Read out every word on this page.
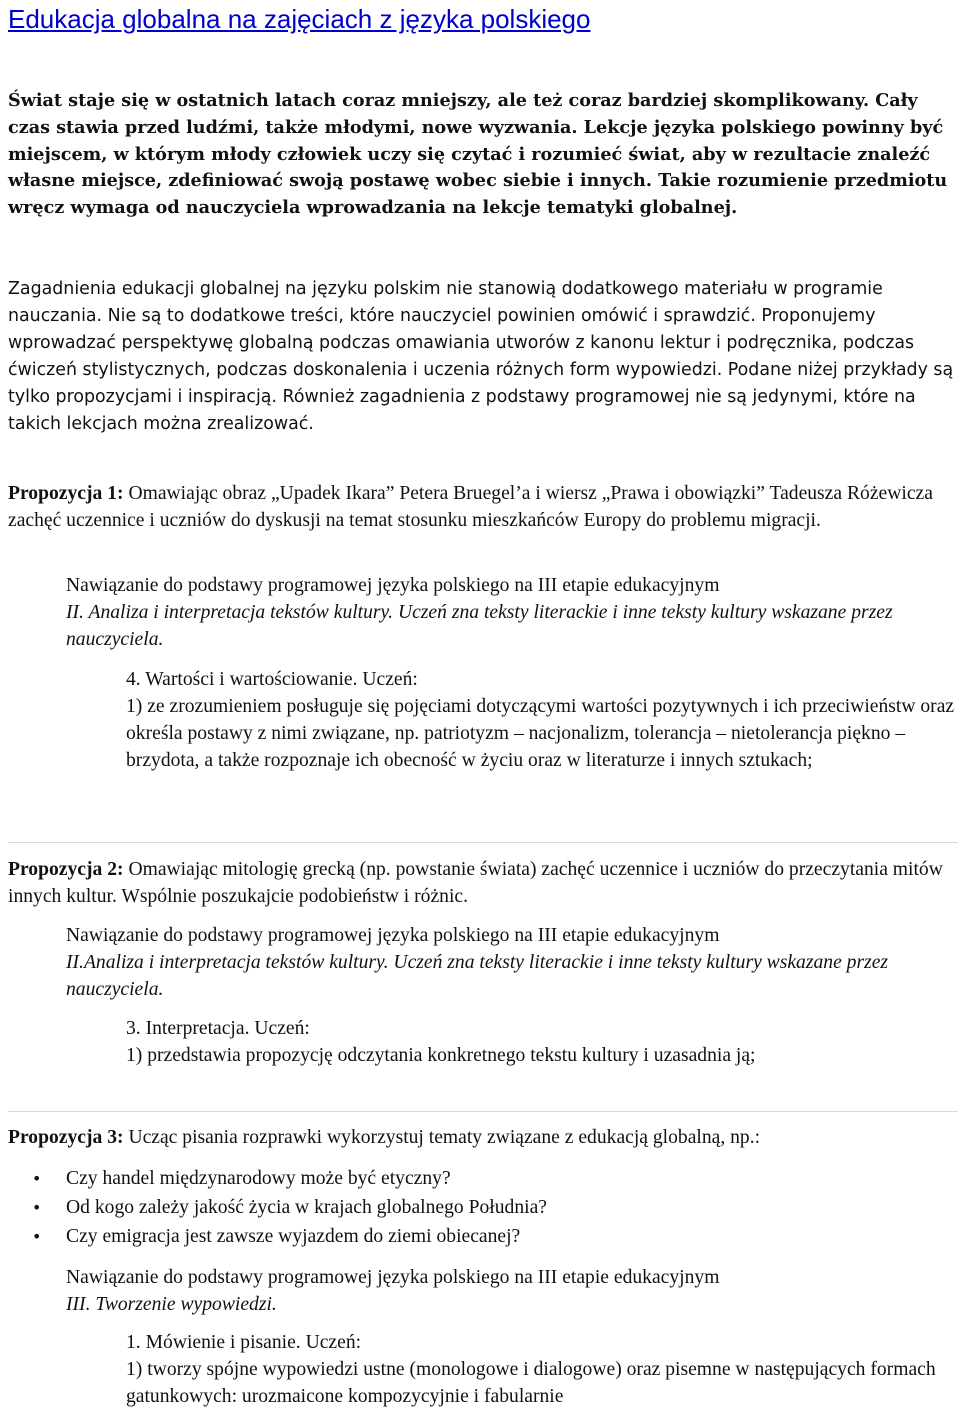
Edukacja globalna na zajęciach z języka polskiego

Świat staje się w ostatnich latach coraz mniejszy, ale też coraz bardziej skomplikowany. Cały czas stawia przed ludźmi, także młodymi, nowe wyzwania. Lekcje języka polskiego powinny być miejscem, w którym młody człowiek uczy się czytać i rozumieć świat, aby w rezultacie znaleźć własne miejsce, zdefiniować swoją postawę wobec siebie i innych. Takie rozumienie przedmiotu wręcz wymaga od nauczyciela wprowadzania na lekcje tematyki globalnej.

Zagadnienia edukacji globalnej na języku polskim nie stanowią dodatkowego materiału w programie nauczania. Nie są to dodatkowe treści, które nauczyciel powinien omówić i sprawdzić. Proponujemy wprowadzać perspektywę globalną podczas omawiania utworów z kanonu lektur i podręcznika, podczas ćwiczeń stylistycznych, podczas doskonalenia i uczenia różnych form wypowiedzi. Podane niżej przykłady są tylko propozycjami i inspiracją. Również zagadnienia z podstawy programowej nie są jedynymi, które na takich lekcjach można zrealizować.

Propozycja 1: Omawiając obraz „Upadek Ikara” Petera Bruegel’a i wiersz „Prawa i obowiązki” Tadeusza Różewicza zachęć uczennice i uczniów do dyskusji na temat stosunku mieszkańców Europy do problemu migracji.
Nawiązanie do podstawy programowej języka polskiego na III etapie edukacyjnym
II. Analiza i interpretacja tekstów kultury. Uczeń zna teksty literackie i inne teksty kultury wskazane przez nauczyciela.
4. Wartości i wartościowanie. Uczeń:
1) ze zrozumieniem posługuje się pojęciami dotyczącymi wartości pozytywnych i ich przeciwieństw oraz określa postawy z nimi związane, np. patriotyzm – nacjonalizm, tolerancja – nietolerancja piękno – brzydota, a także rozpoznaje ich obecność w życiu oraz w literaturze i innych sztukach;
Propozycja 2: Omawiając mitologię grecką (np. powstanie świata) zachęć uczennice i uczniów do przeczytania mitów innych kultur. Wspólnie poszukajcie podobieństw i różnic.
Nawiązanie do podstawy programowej języka polskiego na III etapie edukacyjnym
II.Analiza i interpretacja tekstów kultury. Uczeń zna teksty literackie i inne teksty kultury wskazane przez nauczyciela.
3. Interpretacja. Uczeń:
1) przedstawia propozycję odczytania konkretnego tekstu kultury i uzasadnia ją;
Propozycja 3: Ucząc pisania rozprawki wykorzystuj tematy związane z edukacją globalną, np.:
• Czy handel międzynarodowy może być etyczny?
• Od kogo zależy jakość życia w krajach globalnego Południa?
• Czy emigracja jest zawsze wyjazdem do ziemi obiecanej?
Nawiązanie do podstawy programowej języka polskiego na III etapie edukacyjnym
III. Tworzenie wypowiedzi.
1. Mówienie i pisanie. Uczeń:
1) tworzy spójne wypowiedzi ustne (monologowe i dialogowe) oraz pisemne w następujących formach gatunkowych: urozmaicone kompozycyjnie i fabularnie
